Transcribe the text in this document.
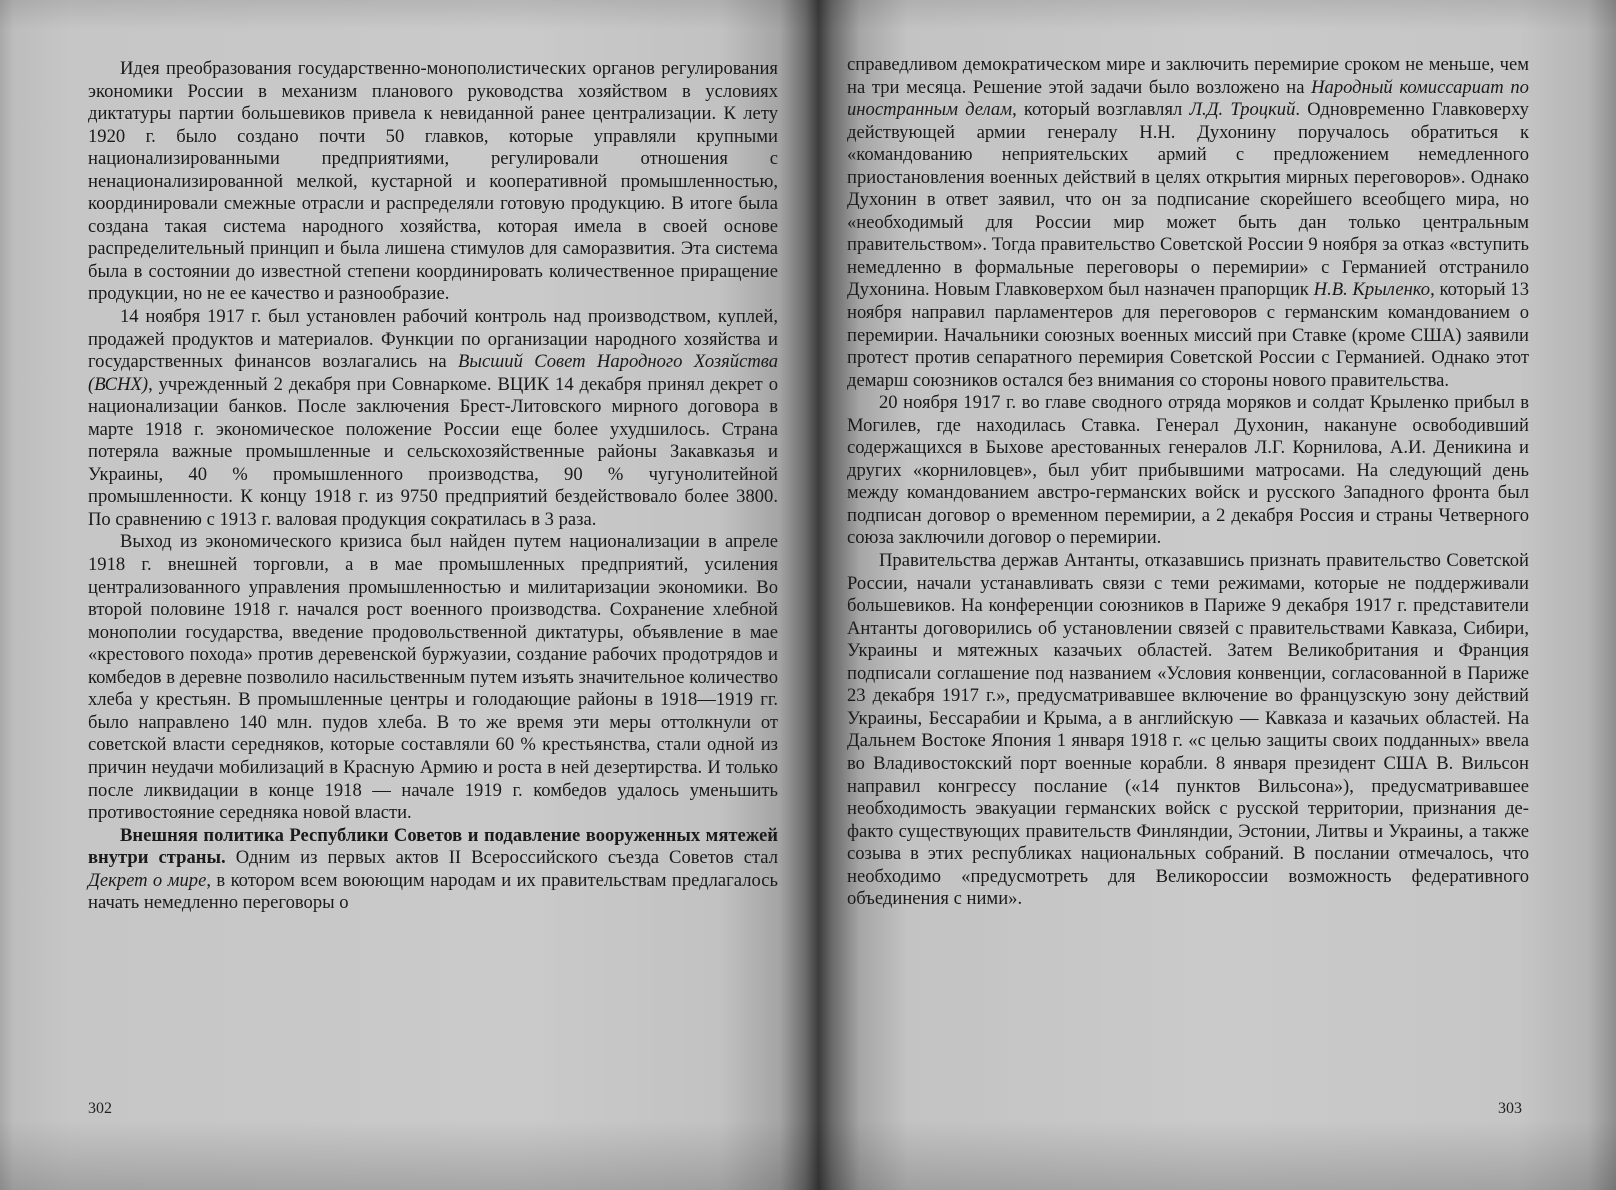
Идея преобразования государственно-монополистических органов регулирования экономики России в механизм планового руководства хозяйством в условиях диктатуры партии большевиков привела к невиданной ранее централизации. К лету 1920 г. было создано почти 50 главков, которые управляли крупными национализированными предприятиями, регулировали отношения с ненационализированной мелкой, кустарной и кооперативной промышленностью, координировали смежные отрасли и распределяли готовую продукцию. В итоге была создана такая система народного хозяйства, которая имела в своей основе распределительный принцип и была лишена стимулов для саморазвития. Эта система была в состоянии до известной степени координировать количественное приращение продукции, но не ее качество и разнообразие.

14 ноября 1917 г. был установлен рабочий контроль над производством, куплей, продажей продуктов и материалов. Функции по организации народного хозяйства и государственных финансов возлагались на Высший Совет Народного Хозяйства (ВСНХ), учрежденный 2 декабря при Совнаркоме. ВЦИК 14 декабря принял декрет о национализации банков. После заключения Брест-Литовского мирного договора в марте 1918 г. экономическое положение России еще более ухудшилось. Страна потеряла важные промышленные и сельскохозяйственные районы Закавказья и Украины, 40 % промышленного производства, 90 % чугунолитейной промышленности. К концу 1918 г. из 9750 предприятий бездействовало более 3800. По сравнению с 1913 г. валовая продукция сократилась в 3 раза.

Выход из экономического кризиса был найден путем национализации в апреле 1918 г. внешней торговли, а в мае промышленных предприятий, усиления централизованного управления промышленностью и милитаризации экономики. Во второй половине 1918 г. начался рост военного производства. Сохранение хлебной монополии государства, введение продовольственной диктатуры, объявление в мае «крестового похода» против деревенской буржуазии, создание рабочих продотрядов и комбедов в деревне позволило насильственным путем изъять значительное количество хлеба у крестьян. В промышленные центры и голодающие районы в 1918—1919 гг. было направлено 140 млн. пудов хлеба. В то же время эти меры оттолкнули от советской власти середняков, которые составляли 60 % крестьянства, стали одной из причин неудачи мобилизаций в Красную Армию и роста в ней дезертирства. И только после ликвидации в конце 1918 — начале 1919 г. комбедов удалось уменьшить противостояние середняка новой власти.

Внешняя политика Республики Советов и подавление вооруженных мятежей внутри страны. Одним из первых актов II Всероссийского съезда Советов стал Декрет о мире, в котором всем воюющим народам и их правительствам предлагалось начать немедленно переговоры о

302

справедливом демократическом мире и заключить перемирие сроком не меньше, чем на три месяца. Решение этой задачи было возложено на Народный комиссариат по иностранным делам, который возглавлял Л.Д. Троцкий. Одновременно Главковерху действующей армии генералу Н.Н. Духонину поручалось обратиться к «командованию неприятельских армий с предложением немедленного приостановления военных действий в целях открытия мирных переговоров». Однако Духонин в ответ заявил, что он за подписание скорейшего всеобщего мира, но «необходимый для России мир может быть дан только центральным правительством». Тогда правительство Советской России 9 ноября за отказ «вступить немедленно в формальные переговоры о перемирии» с Германией отстранило Духонина. Новым Главковерхом был назначен прапорщик Н.В. Крыленко, который 13 ноября направил парламентеров для переговоров с германским командованием о перемирии. Начальники союзных военных миссий при Ставке (кроме США) заявили протест против сепаратного перемирия Советской России с Германией. Однако этот демарш союзников остался без внимания со стороны нового правительства.

20 ноября 1917 г. во главе сводного отряда моряков и солдат Крыленко прибыл в Могилев, где находилась Ставка. Генерал Духонин, накануне освободивший содержащихся в Быхове арестованных генералов Л.Г. Корнилова, А.И. Деникина и других «корниловцев», был убит прибывшими матросами. На следующий день между командованием австро-германских войск и русского Западного фронта был подписан договор о временном перемирии, а 2 декабря Россия и страны Четверного союза заключили договор о перемирии.

Правительства держав Антанты, отказавшись признать правительство Советской России, начали устанавливать связи с теми режимами, которые не поддерживали большевиков. На конференции союзников в Париже 9 декабря 1917 г. представители Антанты договорились об установлении связей с правительствами Кавказа, Сибири, Украины и мятежных казачьих областей. Затем Великобритания и Франция подписали соглашение под названием «Условия конвенции, согласованной в Париже 23 декабря 1917 г.», предусматривавшее включение во французскую зону действий Украины, Бессарабии и Крыма, а в английскую — Кавказа и казачьих областей. На Дальнем Востоке Япония 1 января 1918 г. «с целью защиты своих подданных» ввела во Владивостокский порт военные корабли. 8 января президент США В. Вильсон направил конгрессу послание («14 пунктов Вильсона»), предусматривавшее необходимость эвакуации германских войск с русской территории, признания де-факто существующих правительств Финляндии, Эстонии, Литвы и Украины, а также созыва в этих республиках национальных собраний. В послании отмечалось, что необходимо «предусмотреть для Великороссии возможность федеративного объединения с ними».

303
